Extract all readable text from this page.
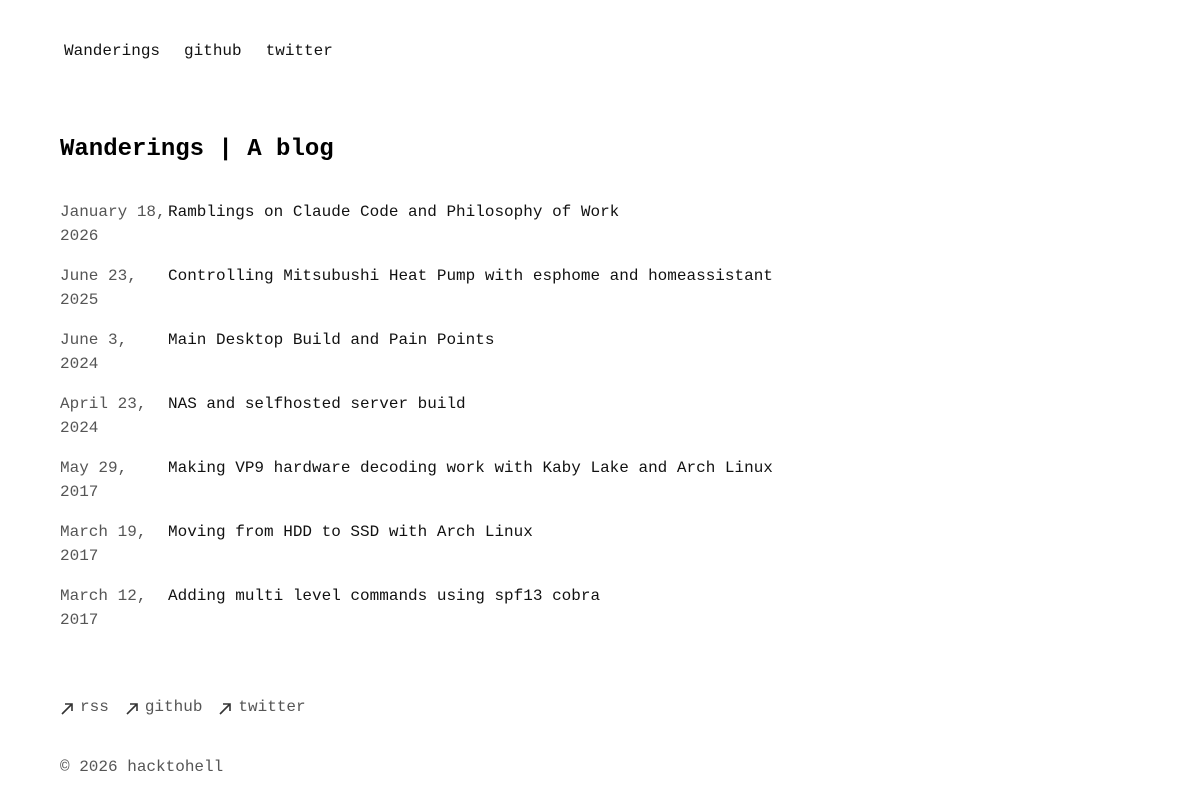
Wanderings github twitter
Wanderings | A blog
January 18, 2026
Ramblings on Claude Code and Philosophy of Work
June 23, 2025
Controlling Mitsubushi Heat Pump with esphome and homeassistant
June 3, 2024
Main Desktop Build and Pain Points
April 23, 2024
NAS and selfhosted server build
May 29, 2017
Making VP9 hardware decoding work with Kaby Lake and Arch Linux
March 19, 2017
Moving from HDD to SSD with Arch Linux
March 12, 2017
Adding multi level commands using spf13 cobra
rss github twitter
© 2026 hacktohell
